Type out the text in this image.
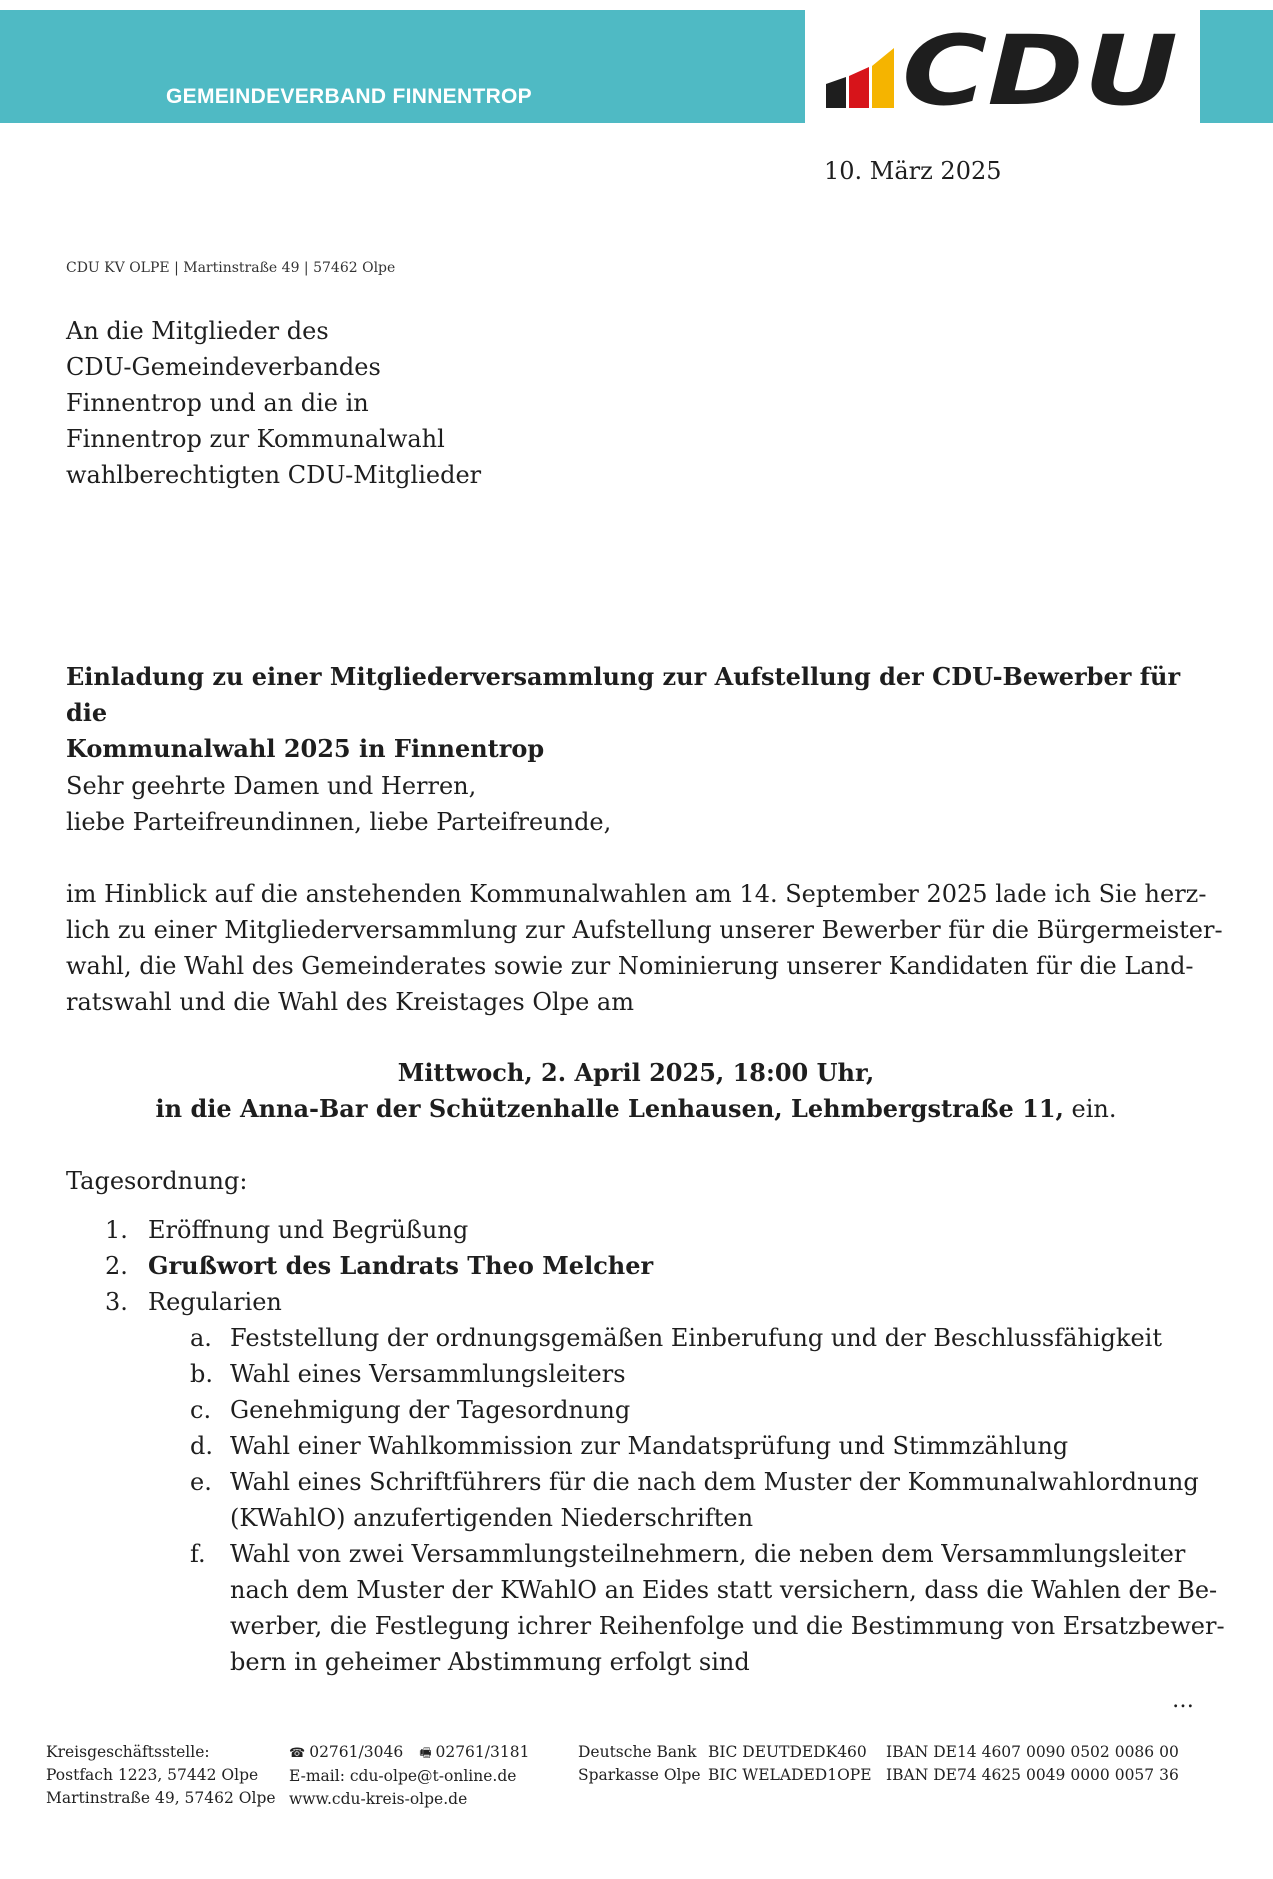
GEMEINDEVERBAND FINNENTROP	CDU
10. März 2025
CDU KV OLPE | Martinstraße 49 | 57462 Olpe
An die Mitglieder des
CDU-Gemeindeverbandes
Finnentrop und an die in
Finnentrop zur Kommunalwahl
wahlberechtigten CDU-Mitglieder
Einladung zu einer Mitgliederversammlung zur Aufstellung der CDU-Bewerber für die
Kommunalwahl 2025 in Finnentrop
Sehr geehrte Damen und Herren,
liebe Parteifreundinnen, liebe Parteifreunde,
im Hinblick auf die anstehenden Kommunalwahlen am 14. September 2025 lade ich Sie herz-
lich zu einer Mitgliederversammlung zur Aufstellung unserer Bewerber für die Bürgermeister-
wahl, die Wahl des Gemeinderates sowie zur Nominierung unserer Kandidaten für die Land-
ratswahl und die Wahl des Kreistages Olpe am
Mittwoch, 2. April 2025, 18:00 Uhr,
in die Anna-Bar der Schützenhalle Lenhausen, Lehmbergstraße 11, ein.
Tagesordnung:
1. Eröffnung und Begrüßung
2. Grußwort des Landrats Theo Melcher
3. Regularien
a. Feststellung der ordnungsgemäßen Einberufung und der Beschlussfähigkeit
b. Wahl eines Versammlungsleiters
c. Genehmigung der Tagesordnung
d. Wahl einer Wahlkommission zur Mandatsprüfung und Stimmzählung
e. Wahl eines Schriftführers für die nach dem Muster der Kommunalwahlordnung
(KWahlO) anzufertigenden Niederschriften
f. Wahl von zwei Versammlungsteilnehmern, die neben dem Versammlungsleiter
nach dem Muster der KWahlO an Eides statt versichern, dass die Wahlen der Be-
werber, die Festlegung ichrer Reihenfolge und die Bestimmung von Ersatzbewer-
bern in geheimer Abstimmung erfolgt sind
…
Kreisgeschäftsstelle:
Postfach 1223, 57442 Olpe
Martinstraße 49, 57462 Olpe
☎ 02761/3046 🖷 02761/3181
E-mail: cdu-olpe@t-online.de
www.cdu-kreis-olpe.de
Deutsche Bank
Sparkasse Olpe
BIC DEUTDEDK460
BIC WELADED1OPE
IBAN DE14 4607 0090 0502 0086 00
IBAN DE74 4625 0049 0000 0057 36
